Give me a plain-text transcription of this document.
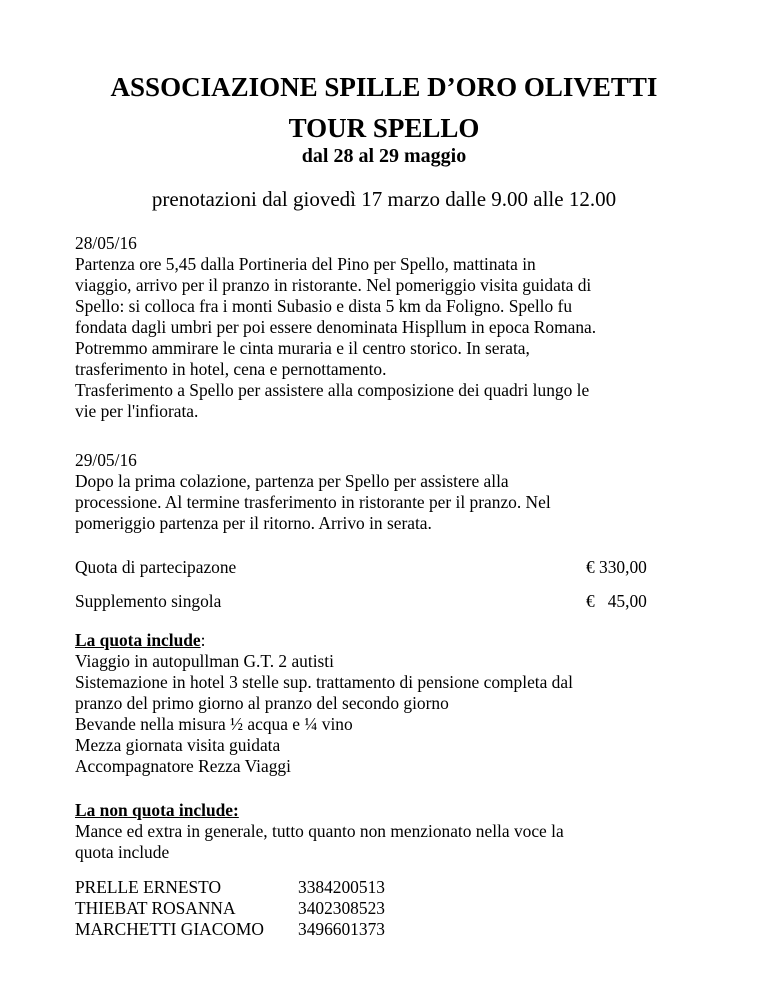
ASSOCIAZIONE SPILLE D’ORO OLIVETTI
TOUR SPELLO
dal 28 al 29 maggio

prenotazioni dal giovedì 17 marzo dalle 9.00 alle 12.00

28/05/16

Partenza ore 5,45 dalla Portineria del Pino per Spello, mattinata in
viaggio, arrivo per il pranzo in ristorante. Nel pomeriggio visita guidata di
Spello: si colloca fra i monti Subasio e dista 5 km da Foligno. Spello fu
fondata dagli umbri per poi essere denominata Hispllum in epoca Romana.
Potremmo ammirare le cinta muraria e il centro storico. In serata,
trasferimento in hotel, cena e pernottamento.
Trasferimento a Spello per assistere alla composizione dei quadri lungo le
vie per l'infiorata.

29/05/16

Dopo la prima colazione, partenza per Spello per assistere alla
processione. Al termine trasferimento in ristorante per il pranzo. Nel
pomeriggio partenza per il ritorno. Arrivo in serata.
Quota di partecipazone	€ 330,00
Supplemento singola	€   45,00
La quota include:
Viaggio in autopullman G.T. 2 autisti
Sistemazione in hotel 3 stelle sup. trattamento di pensione completa dal
pranzo del primo giorno al pranzo del secondo giorno
Bevande nella misura ½ acqua e ¼ vino
Mezza giornata visita guidata
Accompagnatore Rezza Viaggi
La non quota include:
Mance ed extra in generale, tutto quanto non menzionato nella voce la
quota include
PRELLE ERNESTO	3384200513
THIEBAT ROSANNA	3402308523
MARCHETTI GIACOMO 3496601373
